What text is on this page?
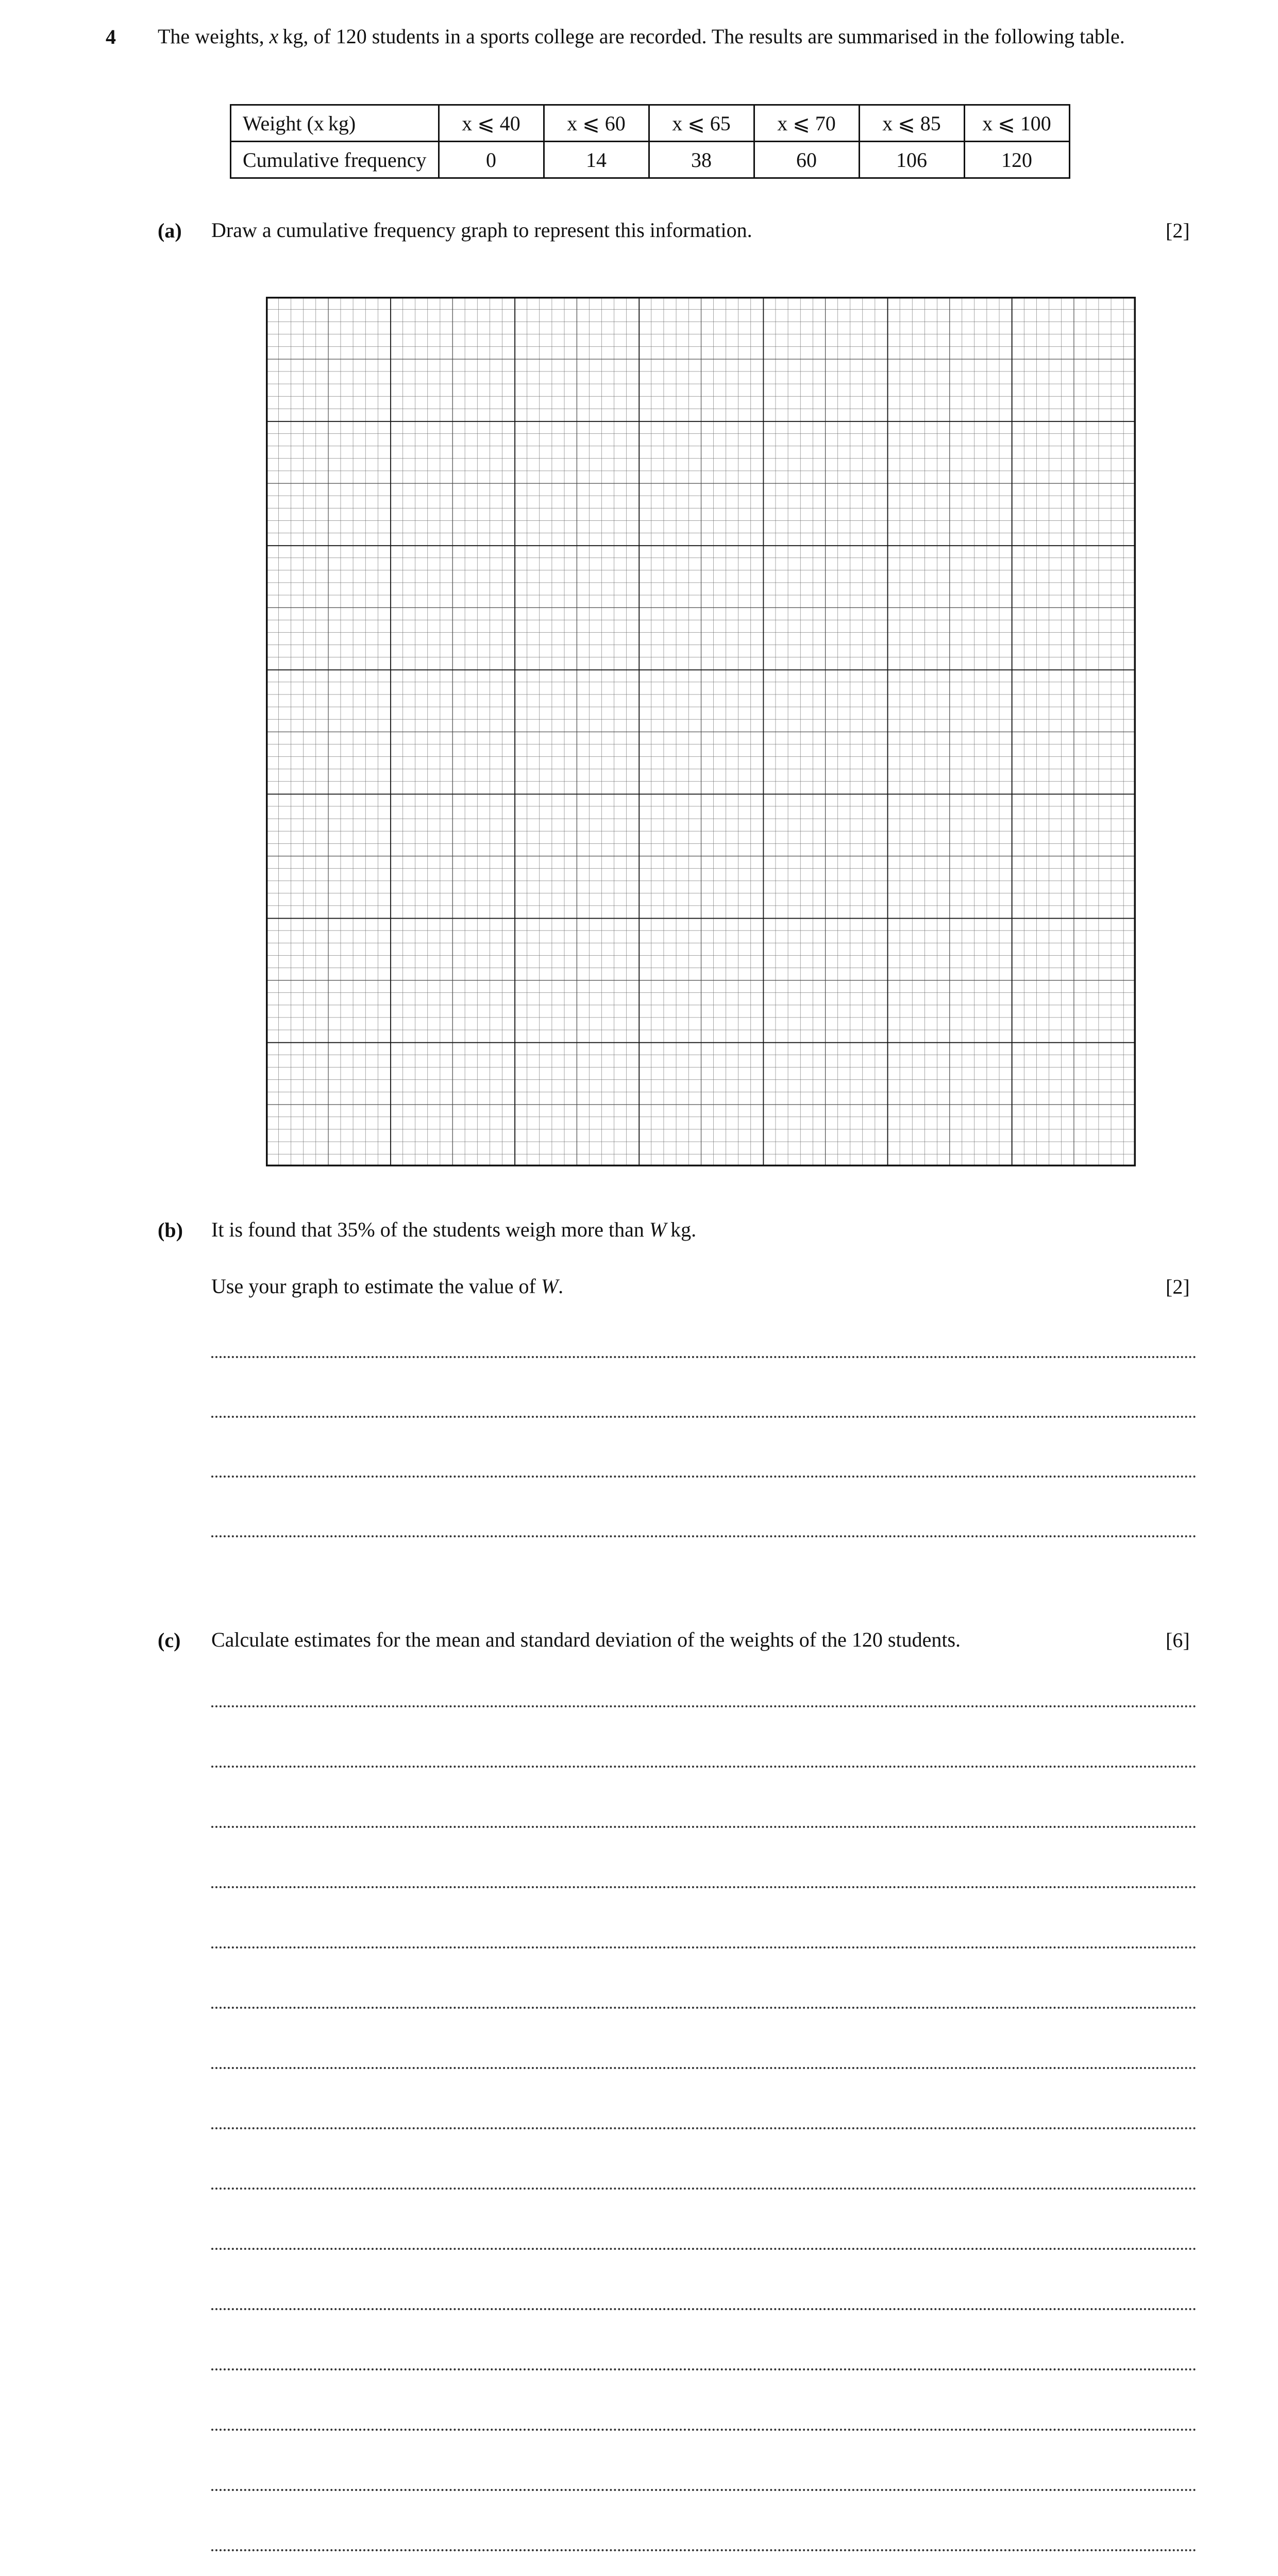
4 The weights, x kg, of 120 students in a sports college are recorded. The results are summarised in the following table.
Weight (x kg)	x ⩽ 40	x ⩽ 60	x ⩽ 65	x ⩽ 70	x ⩽ 85	x ⩽ 100
Cumulative frequency	0	14	38	60	106	120
(a) Draw a cumulative frequency graph to represent this information.	[2]
(b) It is found that 35% of the students weigh more than W kg.
Use your graph to estimate the value of W.	[2]
(c) Calculate estimates for the mean and standard deviation of the weights of the 120 students.	[6]
